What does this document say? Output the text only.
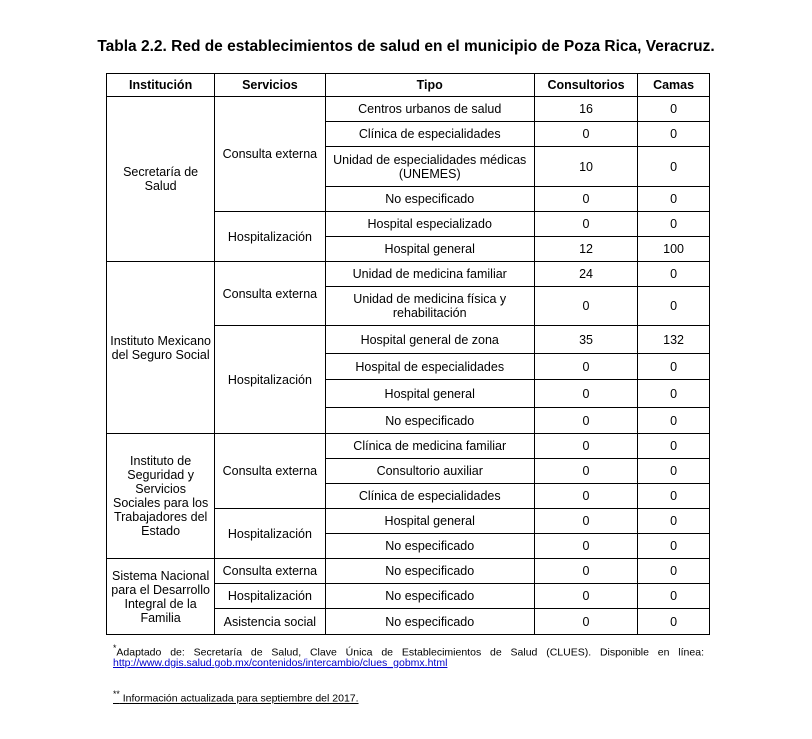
Tabla 2.2. Red de establecimientos de salud en el municipio de Poza Rica, Veracruz.
Institución	Servicios	Tipo	Consultorios	Camas
Secretaría de Salud	Consulta externa	Centros urbanos de salud	16	0
		Clínica de especialidades	0	0
		Unidad de especialidades médicas (UNEMES)	10	0
		No especificado	0	0
	Hospitalización	Hospital especializado	0	0
		Hospital general	12	100
Instituto Mexicano del Seguro Social	Consulta externa	Unidad de medicina familiar	24	0
		Unidad de medicina física y rehabilitación	0	0
	Hospitalización	Hospital general de zona	35	132
		Hospital de especialidades	0	0
		Hospital general	0	0
		No especificado	0	0
Instituto de Seguridad y Servicios Sociales para los Trabajadores del Estado	Consulta externa	Clínica de medicina familiar	0	0
		Consultorio auxiliar	0	0
		Clínica de especialidades	0	0
	Hospitalización	Hospital general	0	0
		No especificado	0	0
Sistema Nacional para el Desarrollo Integral de la Familia	Consulta externa	No especificado	0	0
	Hospitalización	No especificado	0	0
	Asistencia social	No especificado	0	0
*Adaptado de: Secretaría de Salud, Clave Única de Establecimientos de Salud (CLUES). Disponible en línea:
http://www.dgis.salud.gob.mx/contenidos/intercambio/clues_gobmx.html
** Información actualizada para septiembre del 2017.
